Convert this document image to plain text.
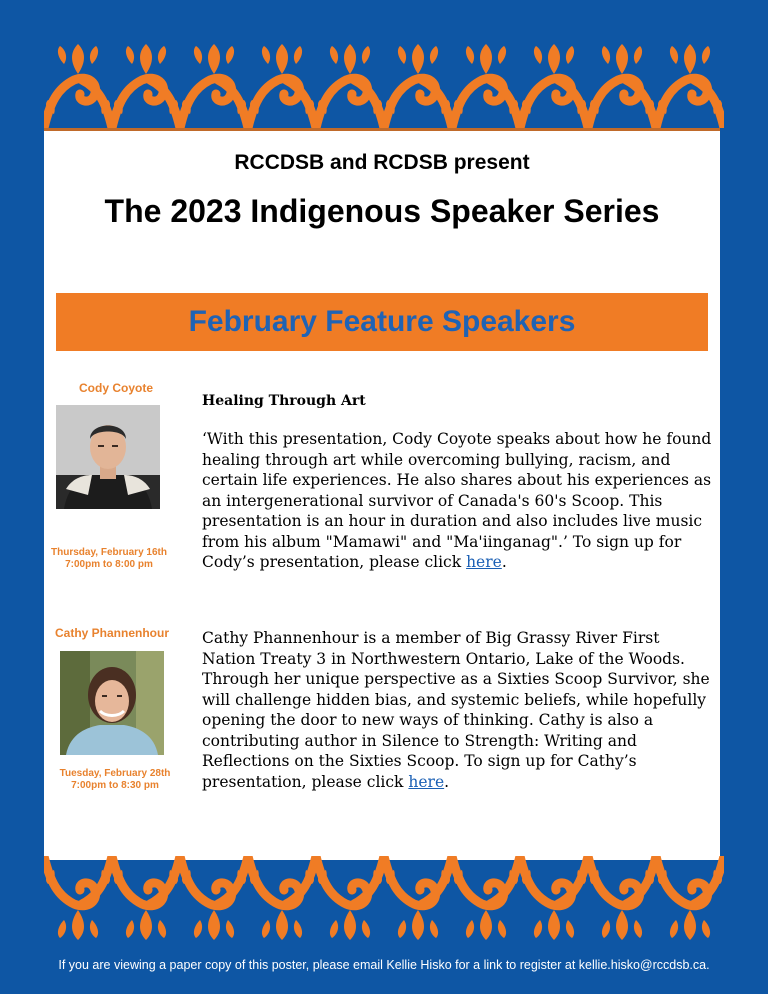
RCCDSB and RCDSB present
The 2023 Indigenous Speaker Series
February Feature Speakers
Cody Coyote
Thursday, February 16th
7:00pm to 8:00 pm
Healing Through Art
‘With this presentation, Cody Coyote speaks about how he found healing through art while overcoming bullying, racism, and certain life experiences. He also shares about his experiences as an intergenerational survivor of Canada's 60's Scoop. This presentation is an hour in duration and also includes live music from his album "Mamawi" and "Ma'iinganag".’ To sign up for Cody’s presentation, please click here.
Cathy Phannenhour
Tuesday, February 28th
7:00pm to 8:30 pm
Cathy Phannenhour is a member of Big Grassy River First Nation Treaty 3 in Northwestern Ontario, Lake of the Woods. Through her unique perspective as a Sixties Scoop Survivor, she will challenge hidden bias, and systemic beliefs, while hopefully opening the door to new ways of thinking. Cathy is also a contributing author in Silence to Strength: Writing and Reflections on the Sixties Scoop. To sign up for Cathy’s presentation, please click here.
If you are viewing a paper copy of this poster, please email Kellie Hisko for a link to register at kellie.hisko@rccdsb.ca.
